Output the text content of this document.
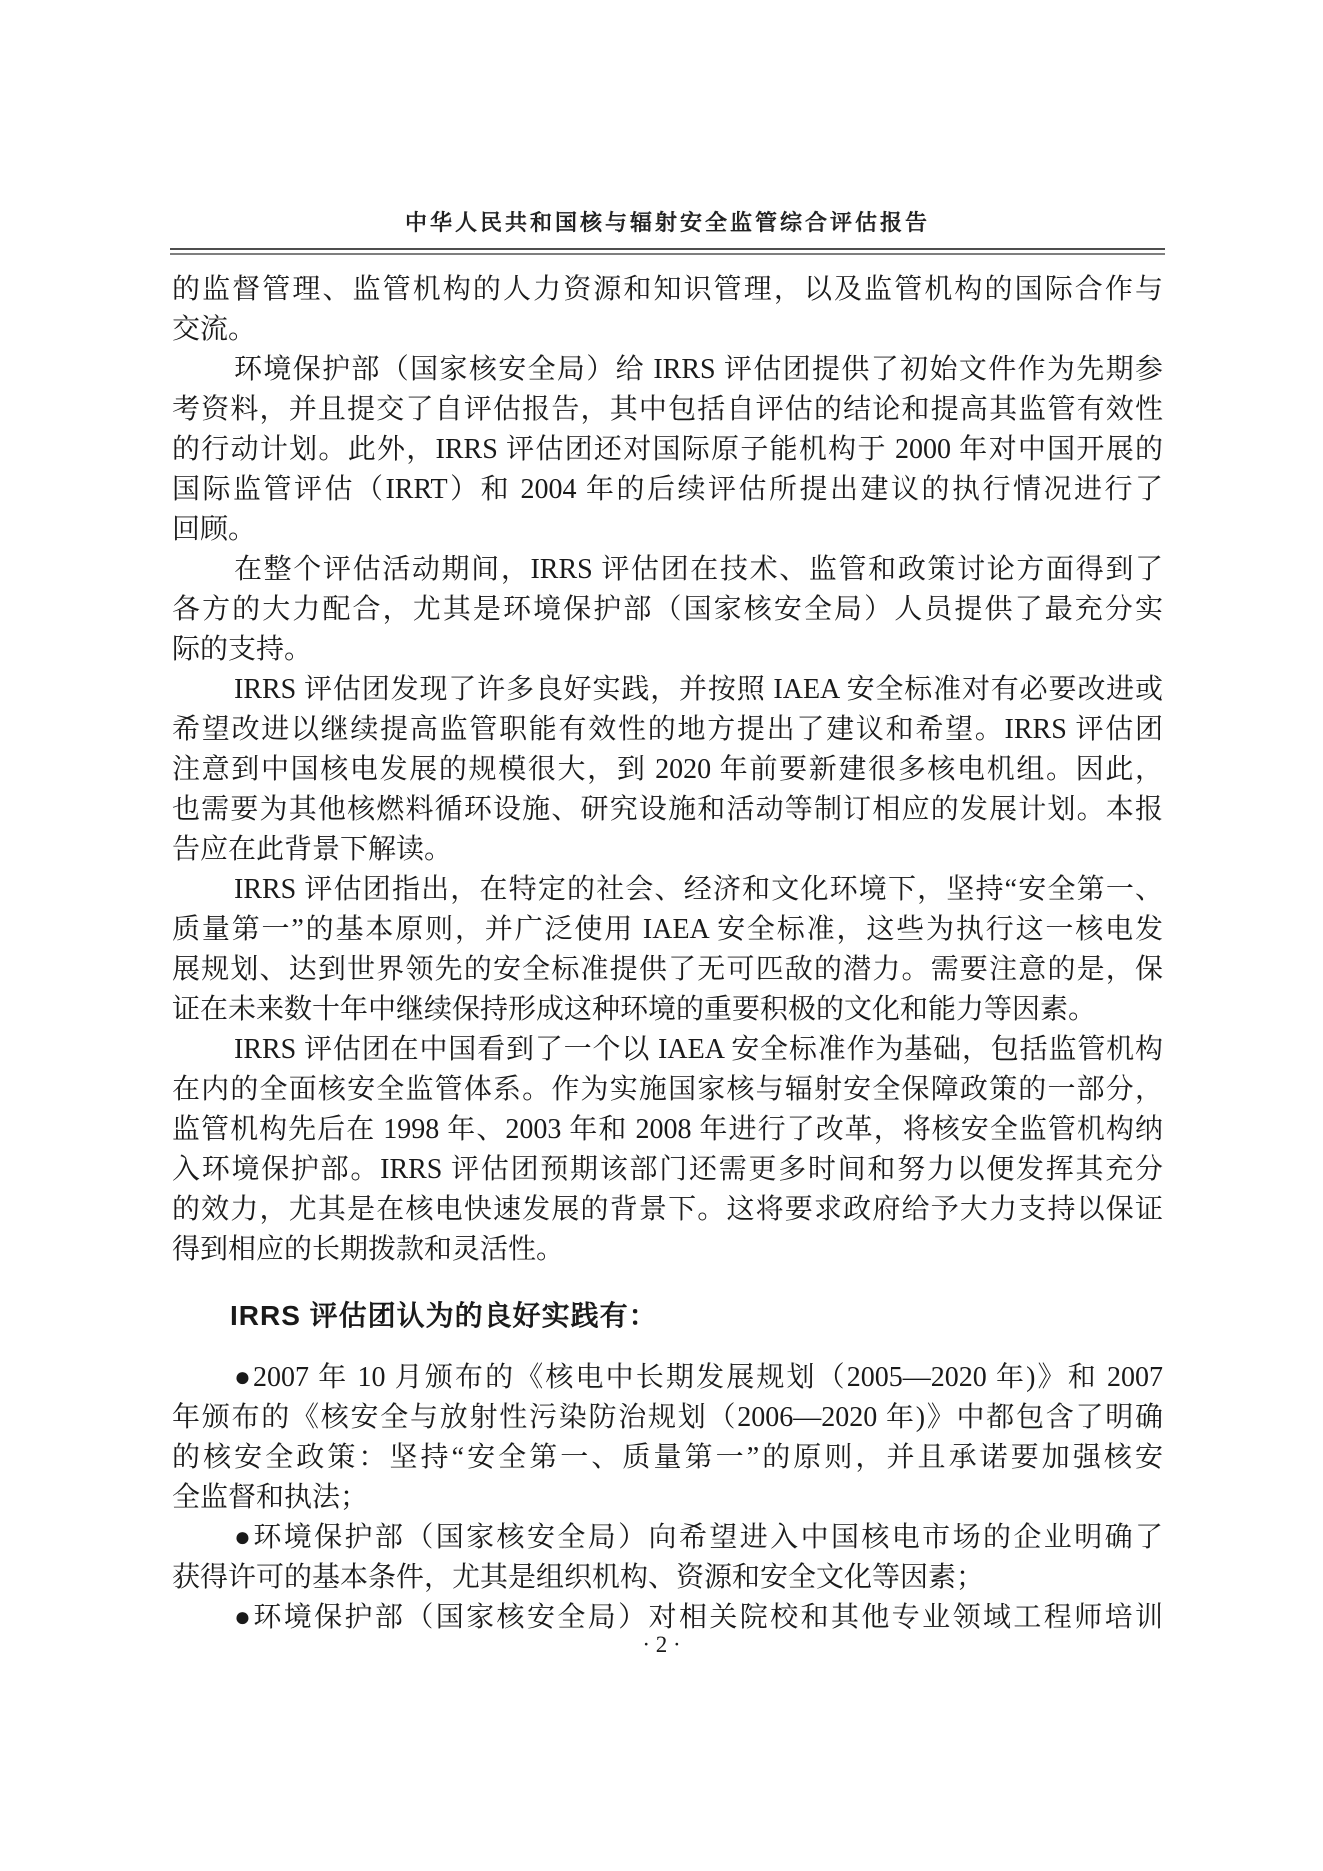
中华人民共和国核与辐射安全监管综合评估报告
的监督管理、监管机构的人力资源和知识管理，以及监管机构的国际合作与
交流。
环境保护部（国家核安全局）给 IRRS 评估团提供了初始文件作为先期参
考资料，并且提交了自评估报告，其中包括自评估的结论和提高其监管有效性
的行动计划。此外，IRRS 评估团还对国际原子能机构于 2000 年对中国开展的
国际监管评估（IRRT）和 2004 年的后续评估所提出建议的执行情况进行了
回顾。
在整个评估活动期间，IRRS 评估团在技术、监管和政策讨论方面得到了
各方的大力配合，尤其是环境保护部（国家核安全局）人员提供了最充分实
际的支持。
IRRS 评估团发现了许多良好实践，并按照 IAEA 安全标准对有必要改进或
希望改进以继续提高监管职能有效性的地方提出了建议和希望。IRRS 评估团
注意到中国核电发展的规模很大，到 2020 年前要新建很多核电机组。因此，
也需要为其他核燃料循环设施、研究设施和活动等制订相应的发展计划。本报
告应在此背景下解读。
IRRS 评估团指出，在特定的社会、经济和文化环境下，坚持“安全第一、
质量第一”的基本原则，并广泛使用 IAEA 安全标准，这些为执行这一核电发
展规划、达到世界领先的安全标准提供了无可匹敌的潜力。需要注意的是，保
证在未来数十年中继续保持形成这种环境的重要积极的文化和能力等因素。
IRRS 评估团在中国看到了一个以 IAEA 安全标准作为基础，包括监管机构
在内的全面核安全监管体系。作为实施国家核与辐射安全保障政策的一部分，
监管机构先后在 1998 年、2003 年和 2008 年进行了改革，将核安全监管机构纳
入环境保护部。IRRS 评估团预期该部门还需更多时间和努力以便发挥其充分
的效力，尤其是在核电快速发展的背景下。这将要求政府给予大力支持以保证
得到相应的长期拨款和灵活性。
IRRS 评估团认为的良好实践有：
●2007 年 10 月颁布的《核电中长期发展规划（2005—2020 年)》和 2007
年颁布的《核安全与放射性污染防治规划（2006—2020 年)》中都包含了明确
的核安全政策：坚持“安全第一、质量第一”的原则，并且承诺要加强核安
全监督和执法；
●环境保护部（国家核安全局）向希望进入中国核电市场的企业明确了
获得许可的基本条件，尤其是组织机构、资源和安全文化等因素；
●环境保护部（国家核安全局）对相关院校和其他专业领域工程师培训
· 2 ·
